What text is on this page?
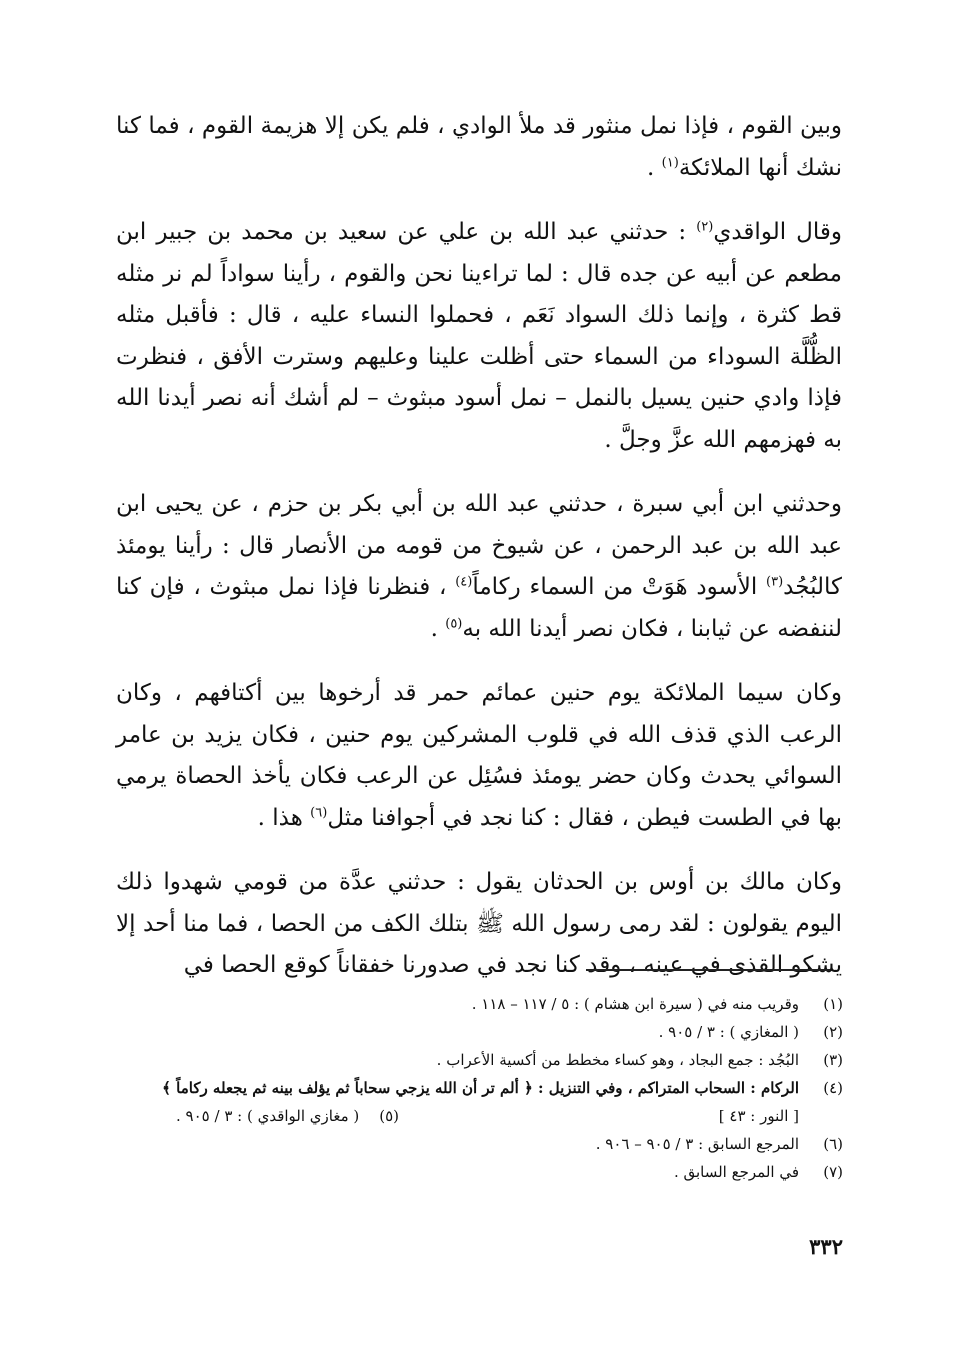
وبين القوم ، فإذا نمل منثور قد ملأ الوادي ، فلم يكن إلا هزيمة القوم ، فما كنا نشك أنها الملائكة$^{(١)}$ .

وقال الواقدي$^{(٢)}$ : حدثني عبد الله بن علي عن سعيد بن محمد بن جبير ابن مطعم عن أبيه عن جده قال : لما تراءينا نحن والقوم ، رأينا سواداً لم نر مثله قط كثرة ، وإنما ذلك السواد نَعَم ، فحملوا النساء عليه ، قال : فأقبل مثله الظُّلَّة السوداء من السماء حتى أظلت علينا وعليهم وسترت الأفق ، فنظرت فإذا وادي حنين يسيل بالنمل – نمل أسود مبثوث – لم أشك أنه نصر أيدنا الله به فهزمهم الله عزَّ وجلَّ .

وحدثني ابن أبي سبرة ، حدثني عبد الله بن أبي بكر بن حزم ، عن يحيى ابن عبد الله بن عبد الرحمن ، عن شيوخ من قومه من الأنصار قال : رأينا يومئذ كالبُجُد$^{(٣)}$ الأسود هَوَتْ من السماء ركاماً$^{(٤)}$ ، فنظرنا فإذا نمل مبثوث ، فإن كنا لننفضه عن ثيابنا ، فكان نصر أيدنا الله به$^{(٥)}$ .

وكان سيما الملائكة يوم حنين عمائم حمر قد أرخوها بين أكتافهم ، وكان الرعب الذي قذف الله في قلوب المشركين يوم حنين ، فكان يزيد بن عامر السوائي يحدث وكان حضر يومئذ فسُئِل عن الرعب فكان يأخذ الحصاة يرمي بها في الطست فيطن ، فقال : كنا نجد في أجوافنا مثل$^{(٦)}$ هذا .

وكان مالك بن أوس بن الحدثان يقول : حدثني عدَّة من قومي شهدوا ذلك اليوم يقولون : لقد رمى رسول الله ﷺ بتلك الكف من الحصا ، فما منا أحد إلا يشكو القذى في عينه ، وقد كنا نجد في صدورنا خفقاناً كوقع الحصا في

(١)
وقريب منه في ( سيرة ابن هشام ) : ٥ / ١١٧ – ١١٨ .
(٢)
( المغازي ) : ٣ / ٩٠٥ .
(٣)
البُجُد : جمع البجاد ، وهو كساء مخطط من أكسية الأعراب .
(٤)
الركام : السحاب المتراكم ، وفي التنزيل : ﴿ ألم تر أن الله يزجي سحاباً ثم يؤلف بينه ثم يجعله ركاماً ﴾
[ النور : ٤٣ ]
(٥)
( مغازي الواقدي ) : ٣ / ٩٠٥ .
(٦)
المرجع السابق : ٣ / ٩٠٥ – ٩٠٦ .
(٧)
في المرجع السابق .
٣٣٢
